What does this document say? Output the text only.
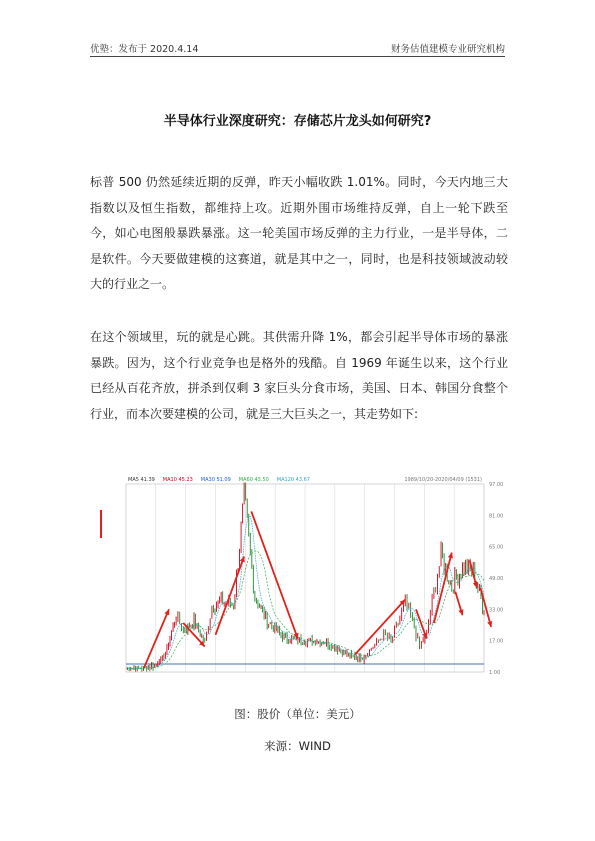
优塾：发布于 2020.4.14	财务估值建模专业研究机构
半导体行业深度研究：存储芯片龙头如何研究?
标普 500 仍然延续近期的反弹，昨天小幅收跌 1.01%。同时，今天内地三大指数以及恒生指数，都维持上攻。近期外围市场维持反弹，自上一轮下跌至今，如心电图般暴跌暴涨。这一轮美国市场反弹的主力行业，一是半导体，二是软件。今天要做建模的这赛道，就是其中之一，同时，也是科技领域波动较大的行业之一。
在这个领域里，玩的就是心跳。其供需升降 1%，都会引起半导体市场的暴涨暴跌。因为，这个行业竞争也是格外的残酷。自 1969 年诞生以来，这个行业已经从百花齐放，拼杀到仅剩 3 家巨头分食市场，美国、日本、韩国分食整个行业，而本次要建模的公司，就是三大巨头之一，其走势如下:
1.00
17.00
33.00
49.00
65.00
81.00
97.00
MA5 41.39 MA10 45.23 MA30 51.09 MA60 43.50 MA120 43.67	1989/10/20-2020/04/09 (1531)
图：股价（单位：美元）
来源：WIND
